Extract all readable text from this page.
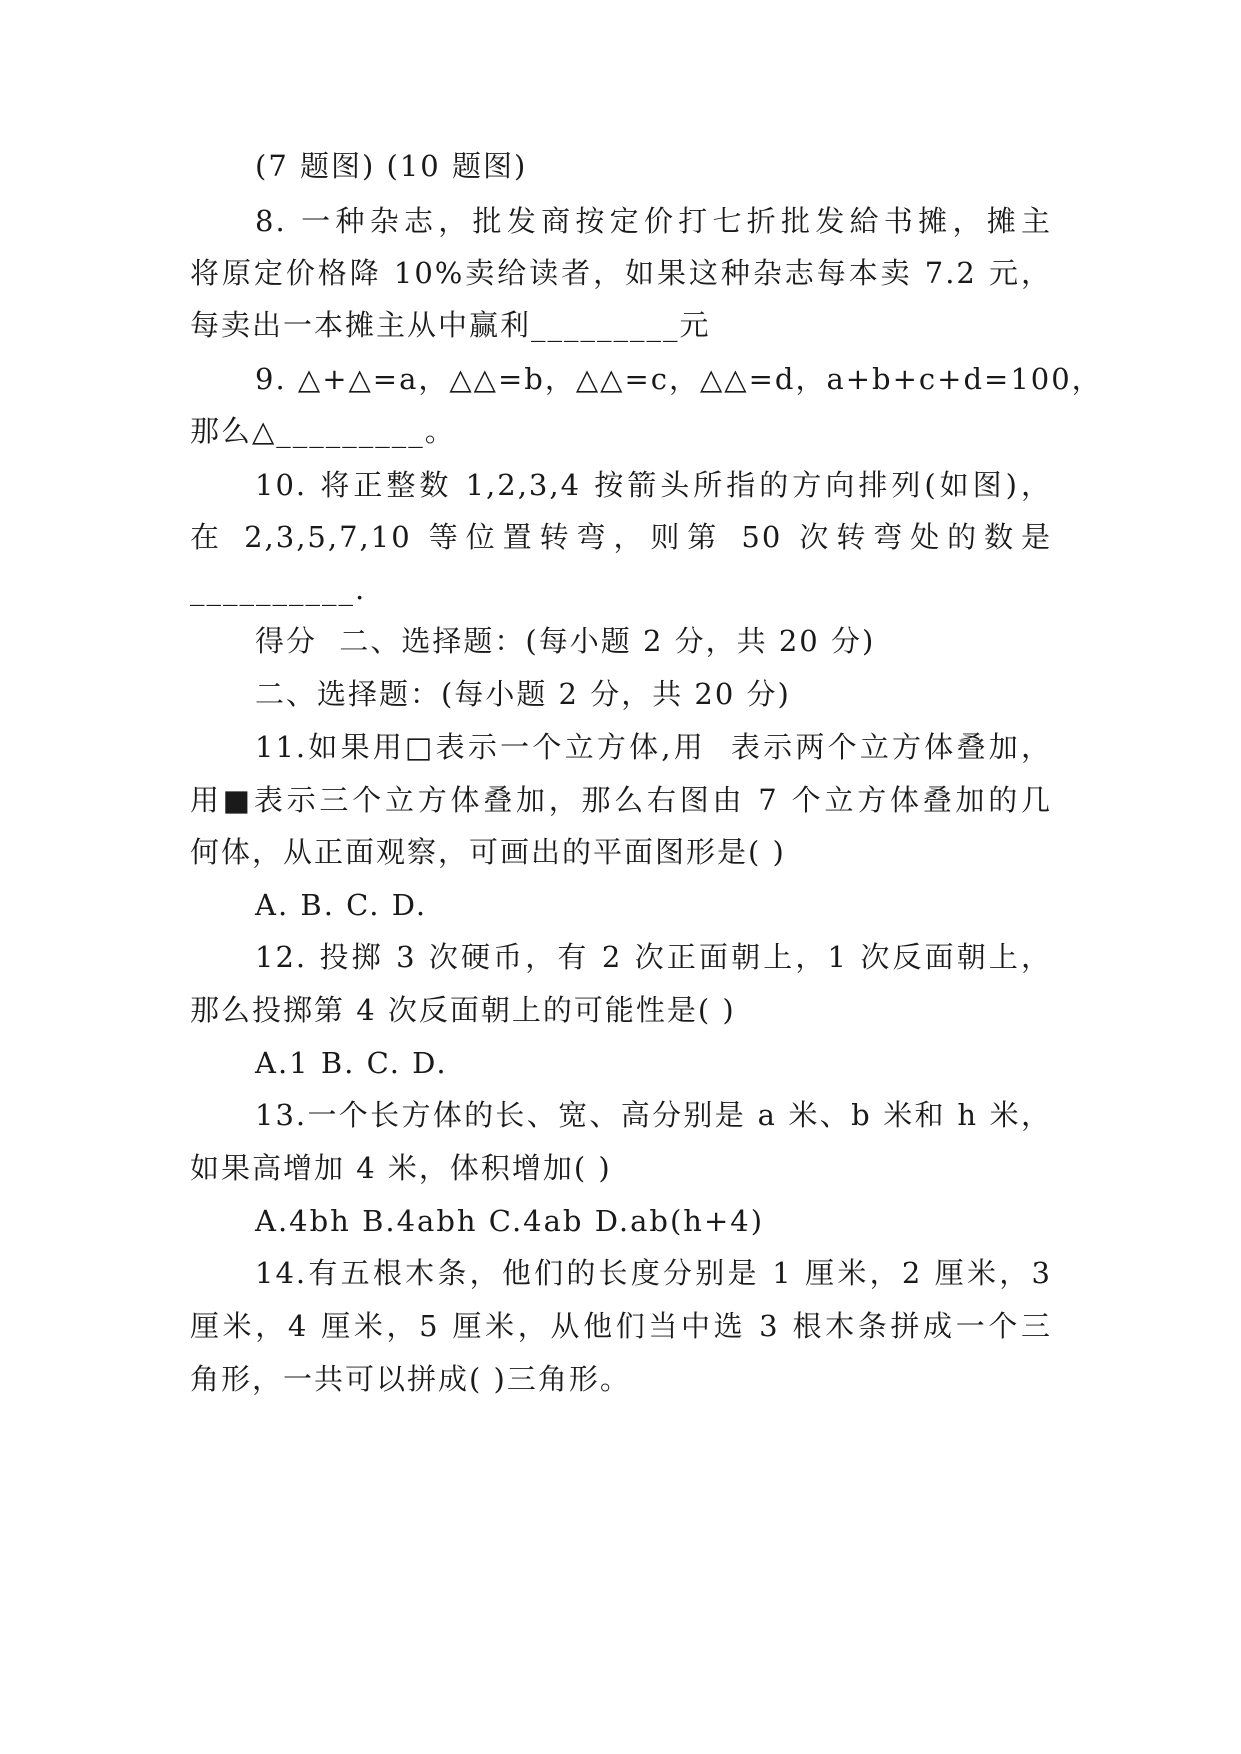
(7 题图) (10 题图)
8. 一种杂志，批发商按定价打七折批发給书摊，摊主
将原定价格降 10%卖给读者，如果这种杂志每本卖 7.2 元，
每卖出一本摊主从中赢利_________元
9. △+△=a，△△=b，△△=c，△△=d，a+b+c+d=100，
那么△_________。
10. 将正整数 1,2,3,4 按箭头所指的方向排列(如图)，
在 2,3,5,7,10 等位置转弯，则第 50 次转弯处的数是
__________.
得分  二、选择题：(每小题 2 分，共 20 分)
二、选择题：(每小题 2 分，共 20 分)
11.如果用□表示一个立方体,用  表示两个立方体叠加，
用■表示三个立方体叠加，那么右图由 7 个立方体叠加的几
何体，从正面观察，可画出的平面图形是( )
A. B. C. D.
12. 投掷 3 次硬币，有 2 次正面朝上，1 次反面朝上，
那么投掷第 4 次反面朝上的可能性是( )
A.1 B. C. D.
13.一个长方体的长、宽、高分别是 a 米、b 米和 h 米，
如果高增加 4 米，体积增加( )
A.4bh B.4abh C.4ab D.ab(h+4)
14.有五根木条，他们的长度分别是 1 厘米，2 厘米，3
厘米，4 厘米，5 厘米，从他们当中选 3 根木条拼成一个三
角形，一共可以拼成( )三角形。
